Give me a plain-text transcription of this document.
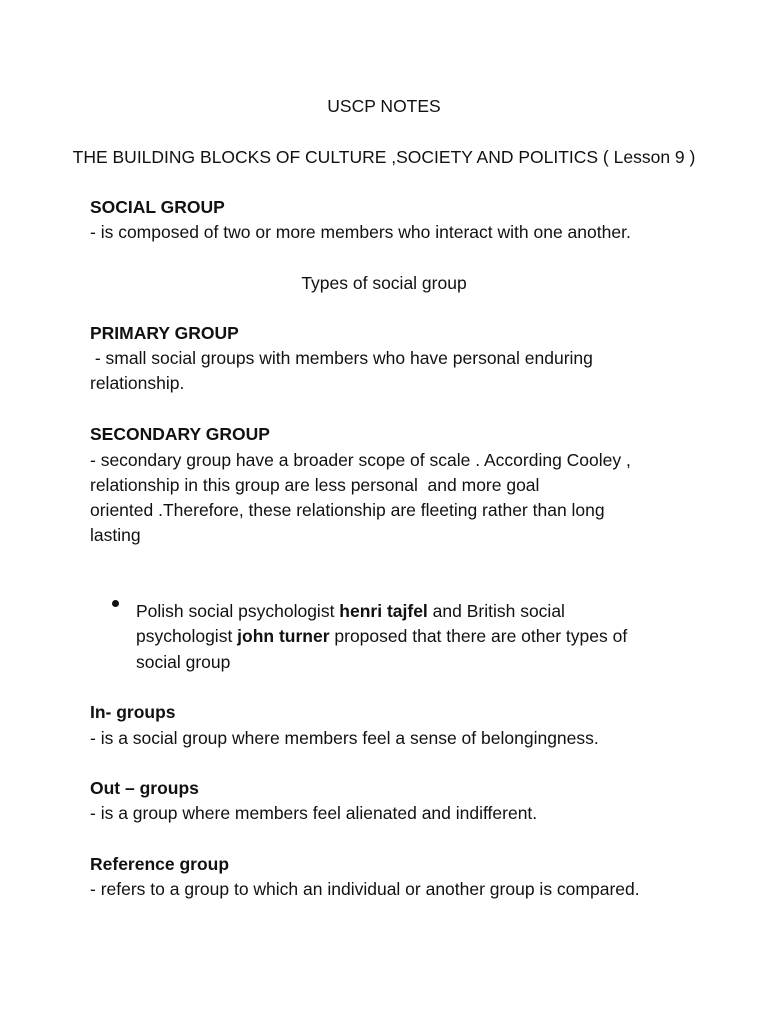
USCP NOTES
THE BUILDING BLOCKS OF CULTURE ,SOCIETY AND POLITICS ( Lesson 9 )
SOCIAL GROUP
- is composed of two or more members who interact with one another.
Types of social group
PRIMARY GROUP
- small social groups with members who have personal enduring
relationship.
SECONDARY GROUP
- secondary group have a broader scope of scale . According Cooley ,
relationship in this group are less personal  and more goal
oriented .Therefore, these relationship are fleeting rather than long
lasting
Polish social psychologist henri tajfel and British social
psychologist john turner proposed that there are other types of
social group
In- groups
- is a social group where members feel a sense of belongingness.
Out – groups
- is a group where members feel alienated and indifferent.
Reference group
- refers to a group to which an individual or another group is compared.
